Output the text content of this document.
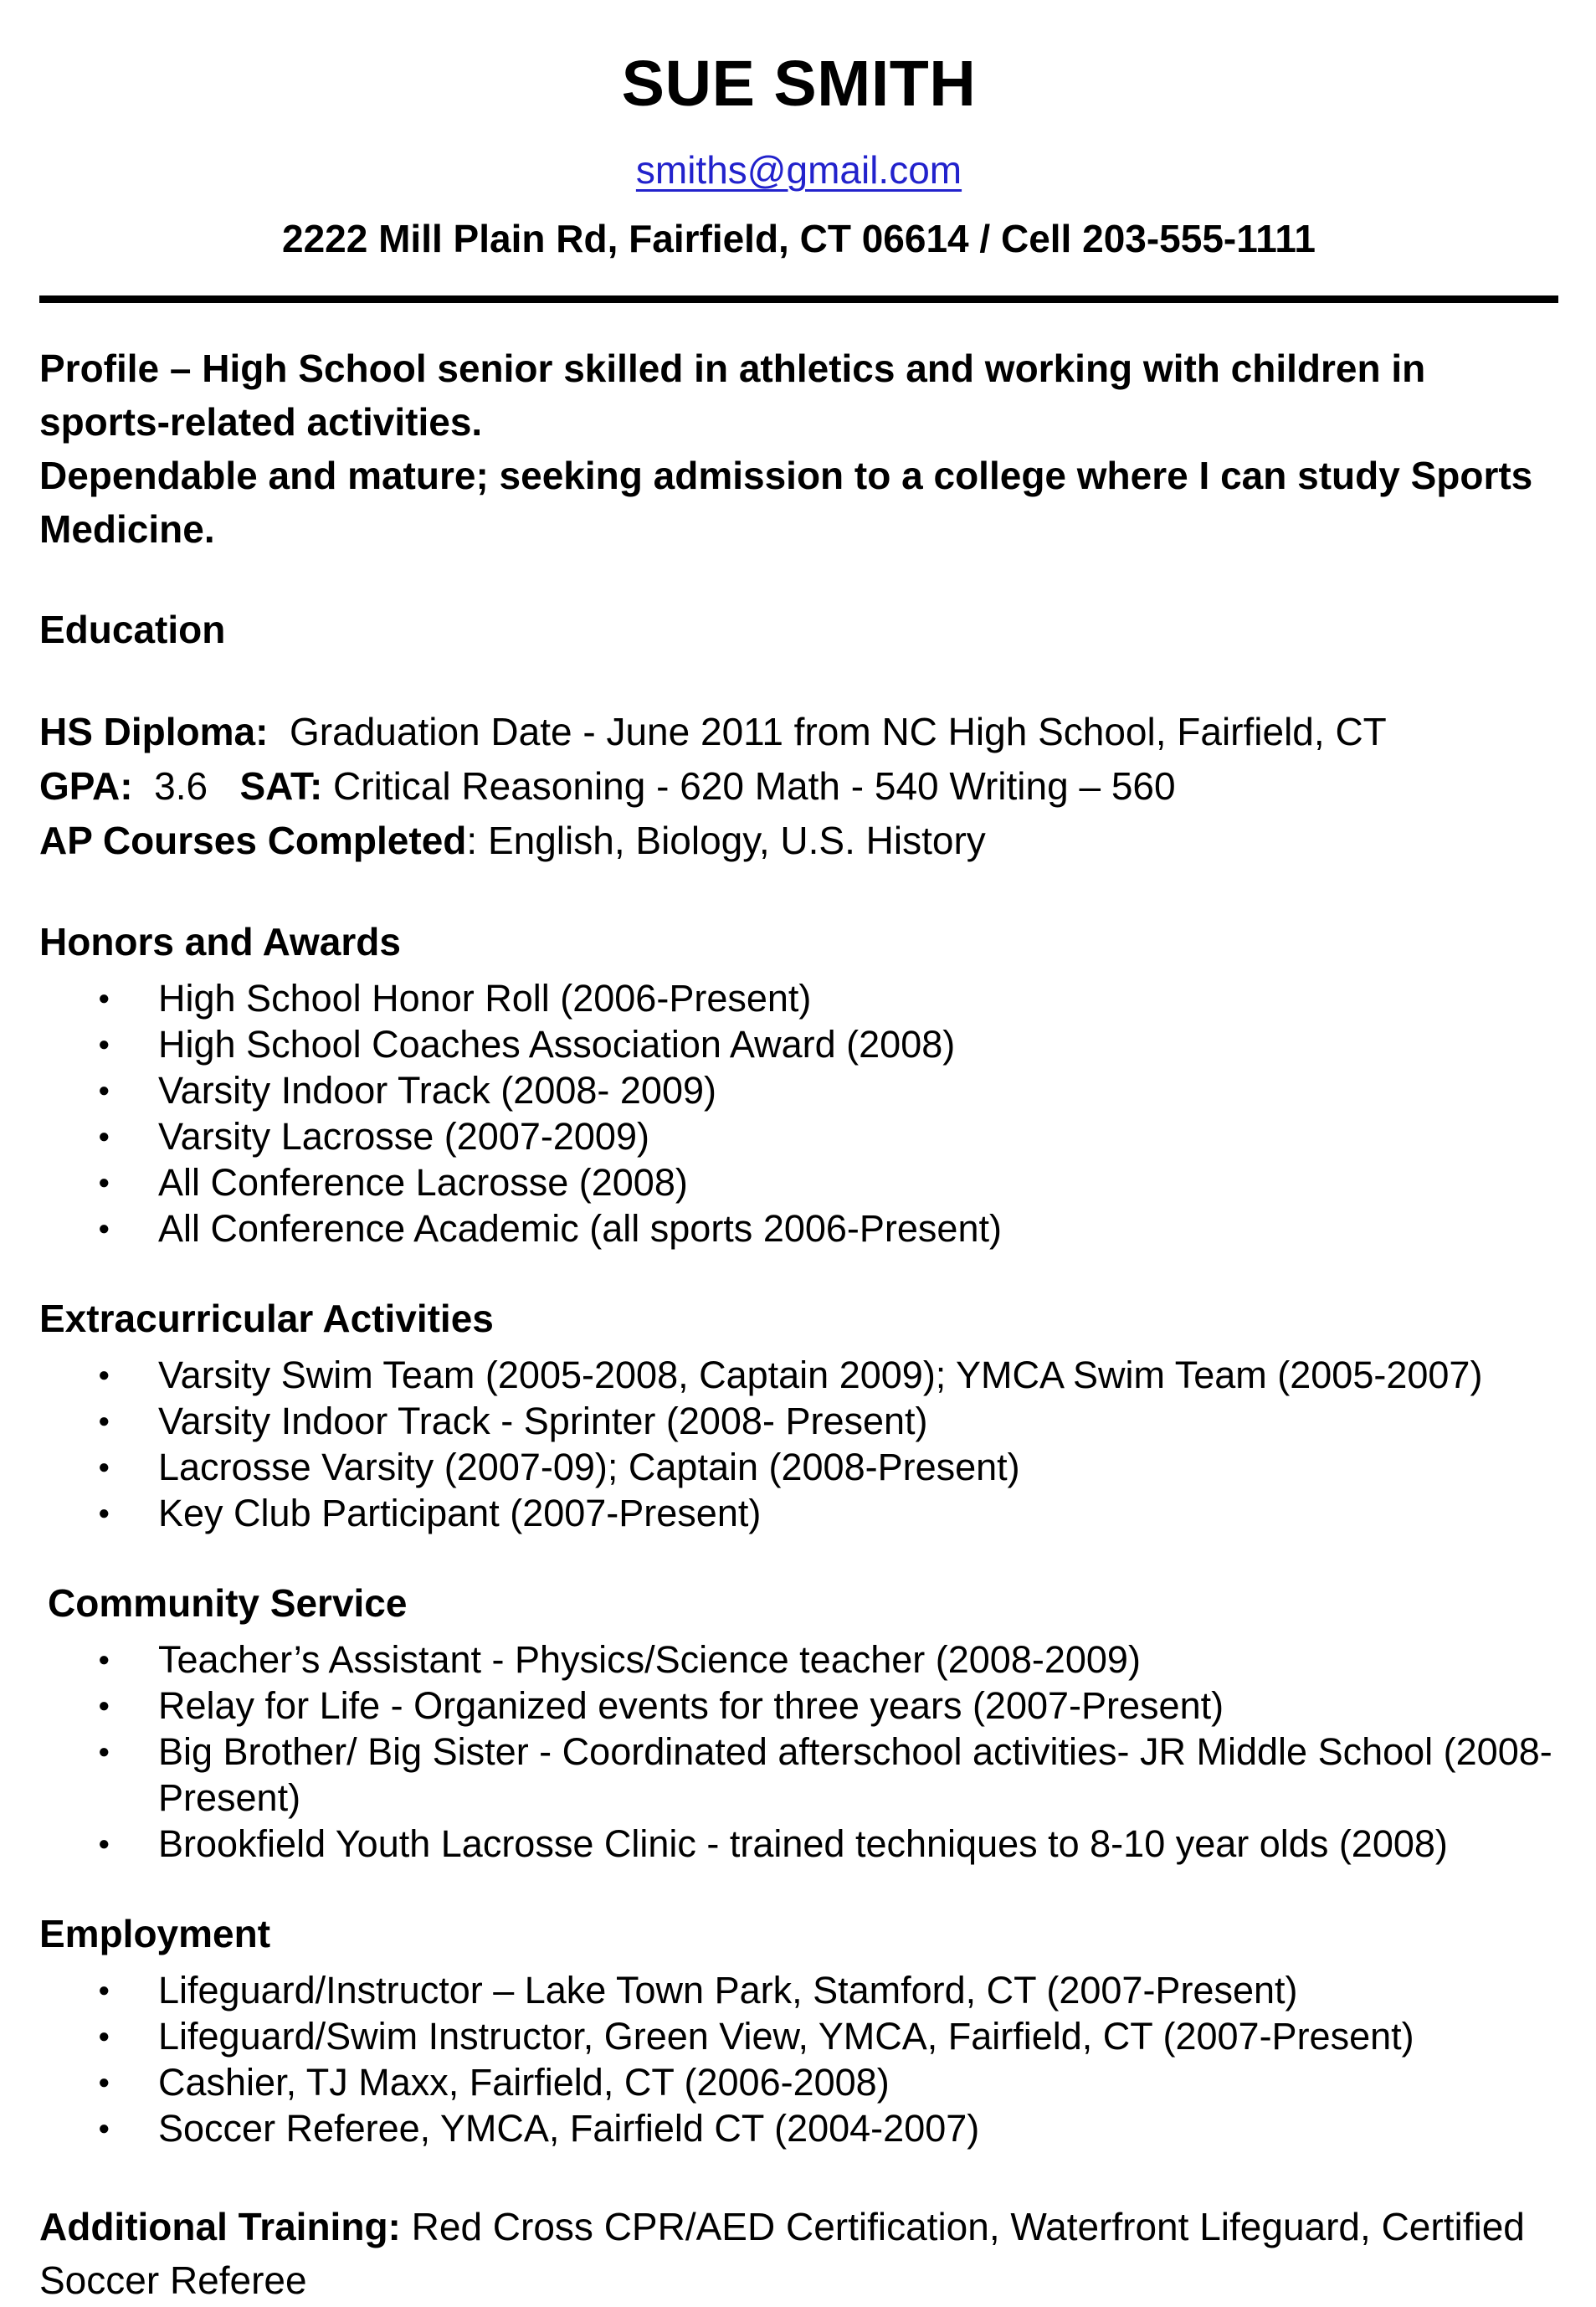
SUE SMITH
smiths@gmail.com
2222 Mill Plain Rd, Fairfield, CT 06614 / Cell 203-555-1111
Profile – High School senior skilled in athletics and working with children in sports-related activities.
Dependable and mature; seeking admission to a college where I can study Sports Medicine.
Education
HS Diploma:  Graduation Date - June 2011 from NC High School, Fairfield, CT
GPA:  3.6   SAT: Critical Reasoning - 620 Math - 540 Writing – 560
AP Courses Completed: English, Biology, U.S. History
Honors and Awards
● High School Honor Roll (2006-Present)
● High School Coaches Association Award (2008)
● Varsity Indoor Track (2008- 2009)
● Varsity Lacrosse (2007-2009)
● All Conference Lacrosse (2008)
● All Conference Academic (all sports 2006-Present)
Extracurricular Activities
● Varsity Swim Team (2005-2008, Captain 2009); YMCA Swim Team (2005-2007)
● Varsity Indoor Track - Sprinter (2008- Present)
● Lacrosse Varsity (2007-09); Captain (2008-Present)
● Key Club Participant (2007-Present)
Community Service
● Teacher’s Assistant - Physics/Science teacher (2008-2009)
● Relay for Life - Organized events for three years (2007-Present)
● Big Brother/ Big Sister - Coordinated afterschool activities- JR Middle School (2008-Present)
● Brookfield Youth Lacrosse Clinic - trained techniques to 8-10 year olds (2008)
Employment
● Lifeguard/Instructor – Lake Town Park, Stamford, CT (2007-Present)
● Lifeguard/Swim Instructor, Green View, YMCA, Fairfield, CT (2007-Present)
● Cashier, TJ Maxx, Fairfield, CT (2006-2008)
● Soccer Referee, YMCA, Fairfield CT (2004-2007)
Additional Training: Red Cross CPR/AED Certification, Waterfront Lifeguard, Certified Soccer Referee
